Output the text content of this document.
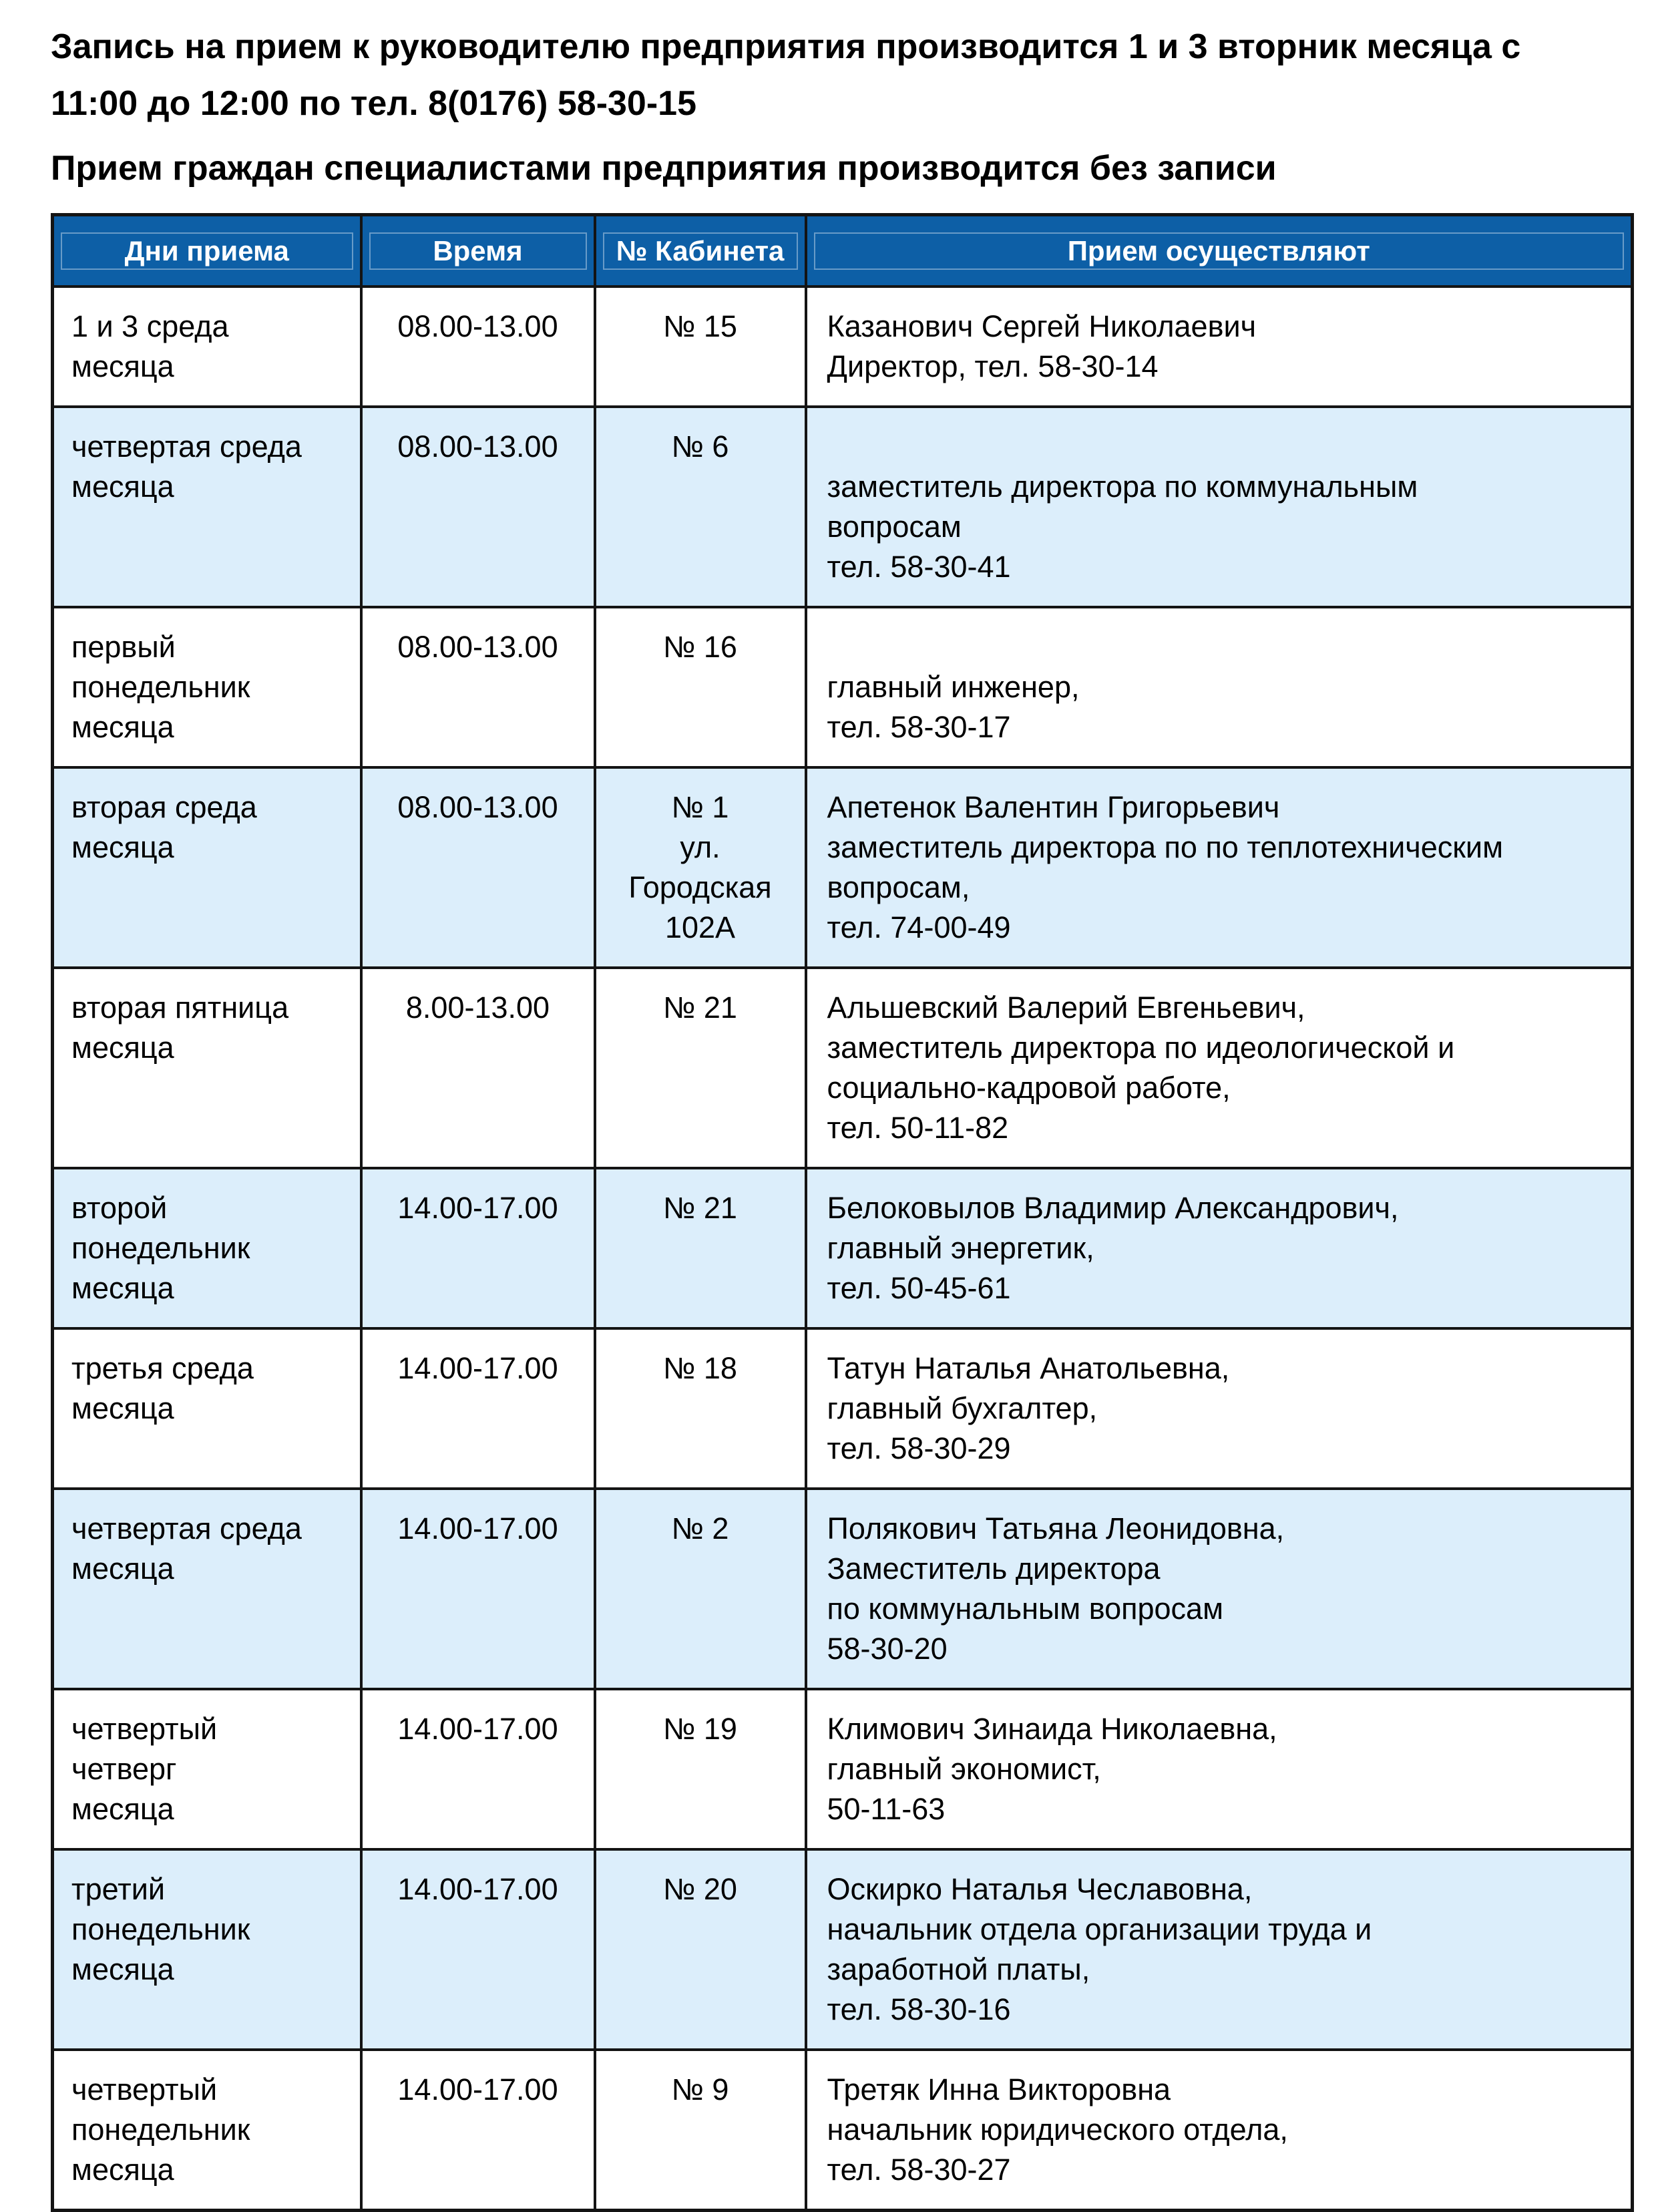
Запись на прием к руководителю предприятия производится 1 и 3 вторник месяца с
11:00 до 12:00 по тел. 8(0176) 58-30-15

Прием граждан специалистами предприятия производится без записи

Дни приема	Время	№ Кабинета	Прием осуществляют

1 и 3 среда
месяца	08.00-13.00	№ 15	Казанович Сергей Николаевич
Директор, тел. 58-30-14

четвертая среда
месяца	08.00-13.00	№ 6	
заместитель директора по коммунальным
вопросам
тел. 58-30-41

первый
понедельник
месяца	08.00-13.00	№ 16	
главный инженер,
тел. 58-30-17

вторая среда
месяца	08.00-13.00	№ 1
ул.
Городская
102А	Апетенок Валентин Григорьевич
заместитель директора по по теплотехническим
вопросам,
тел. 74-00-49

вторая пятница
месяца	8.00-13.00	№ 21	Альшевский Валерий Евгеньевич,
заместитель директора по идеологической и
социально-кадровой работе,
тел. 50-11-82

второй
понедельник
месяца	14.00-17.00	№ 21	Белоковылов Владимир Александрович,
главный энергетик,
тел. 50-45-61

третья среда
месяца	14.00-17.00	№ 18	Татун Наталья Анатольевна,
главный бухгалтер,
тел. 58-30-29

четвертая среда
месяца	14.00-17.00	№ 2	Полякович Татьяна Леонидовна,
Заместитель директора
по коммунальным вопросам
58-30-20

четвертый
четверг
месяца	14.00-17.00	№ 19	Климович Зинаида Николаевна,
главный экономист,
50-11-63

третий
понедельник
месяца	14.00-17.00	№ 20	Оскирко Наталья Чеславовна,
начальник отдела организации труда и
заработной платы,
тел. 58-30-16

четвертый
понедельник
месяца	14.00-17.00	№ 9	Третяк Инна Викторовна
начальник юридического отдела,
тел. 58-30-27
